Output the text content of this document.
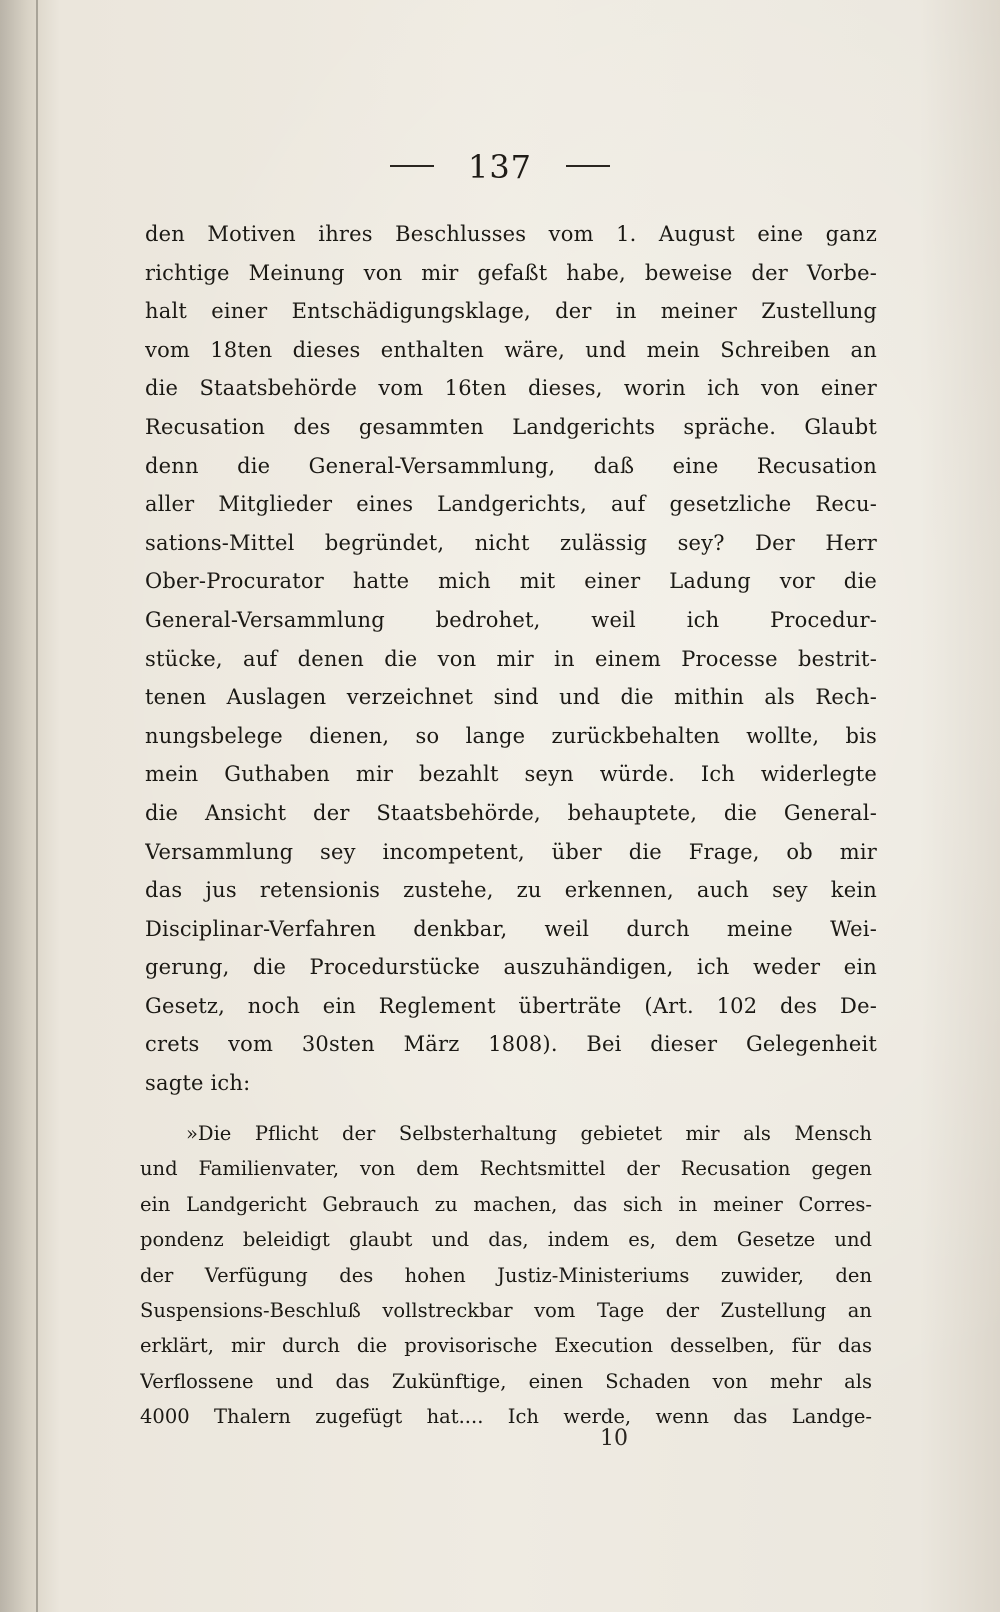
137
den Motiven ihres Beschlusses vom 1. August eine ganz
richtige Meinung von mir gefaßt habe, beweise der Vorbe-
halt einer Entschädigungsklage, der in meiner Zustellung
vom 18ten dieses enthalten wäre, und mein Schreiben an
die Staatsbehörde vom 16ten dieses, worin ich von einer
Recusation des gesammten Landgerichts spräche. Glaubt
denn die General-Versammlung, daß eine Recusation
aller Mitglieder eines Landgerichts, auf gesetzliche Recu-
sations-Mittel begründet, nicht zulässig sey? Der Herr
Ober-Procurator hatte mich mit einer Ladung vor die
General-Versammlung bedrohet, weil ich Procedur-
stücke, auf denen die von mir in einem Processe bestrit-
tenen Auslagen verzeichnet sind und die mithin als Rech-
nungsbelege dienen, so lange zurückbehalten wollte, bis
mein Guthaben mir bezahlt seyn würde. Ich widerlegte
die Ansicht der Staatsbehörde, behauptete, die General-
Versammlung sey incompetent, über die Frage, ob mir
das jus retensionis zustehe, zu erkennen, auch sey kein
Disciplinar-Verfahren denkbar, weil durch meine Wei-
gerung, die Procedurstücke auszuhändigen, ich weder ein
Gesetz, noch ein Reglement überträte (Art. 102 des De-
crets vom 30sten März 1808). Bei dieser Gelegenheit
sagte ich:
»Die Pflicht der Selbsterhaltung gebietet mir als Mensch
und Familienvater, von dem Rechtsmittel der Recusation gegen
ein Landgericht Gebrauch zu machen, das sich in meiner Corres-
pondenz beleidigt glaubt und das, indem es, dem Gesetze und
der Verfügung des hohen Justiz-Ministeriums zuwider, den
Suspensions-Beschluß vollstreckbar vom Tage der Zustellung an
erklärt, mir durch die provisorische Execution desselben, für das
Verflossene und das Zukünftige, einen Schaden von mehr als
4000 Thalern zugefügt hat.... Ich werde, wenn das Landge-
10
